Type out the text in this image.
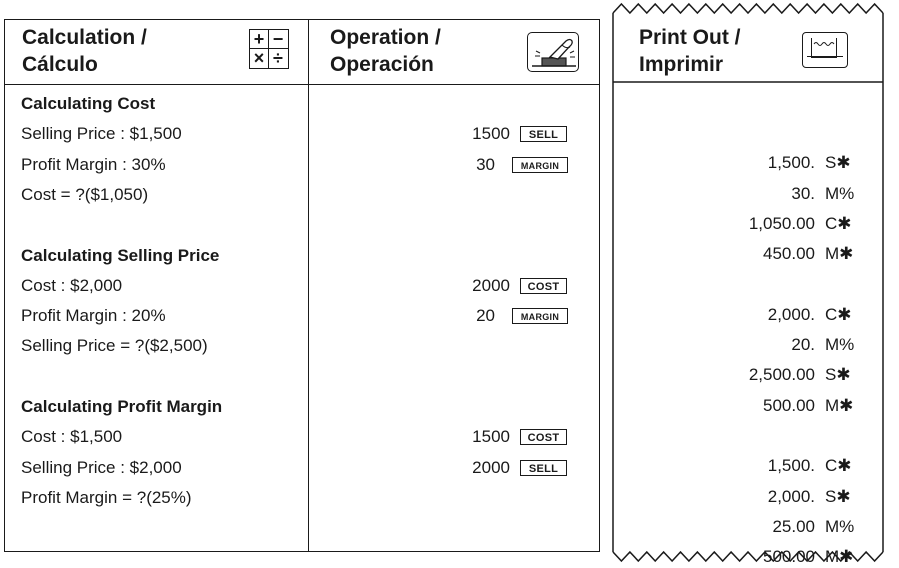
Calculation /
Cálculo
+ −
× ÷
Operation /
Operación
Calculating Cost
Selling Price : $1,500	1500	SELL
Profit Margin : 30%	30	MARGIN
Cost = ?($1,050)
Calculating Selling Price
Cost : $2,000	2000	COST
Profit Margin : 20%	20	MARGIN
Selling Price = ?($2,500)
Calculating Profit Margin
Cost : $1,500	1500	COST
Selling Price : $2,000	2000	SELL
Profit Margin = ?(25%)
Print Out /
Imprimir
1,500. S✱
30. M%
1,050.00 C✱
450.00 M✱
2,000. C✱
20. M%
2,500.00 S✱
500.00 M✱
1,500. C✱
2,000. S✱
25.00 M%
500.00 M✱
